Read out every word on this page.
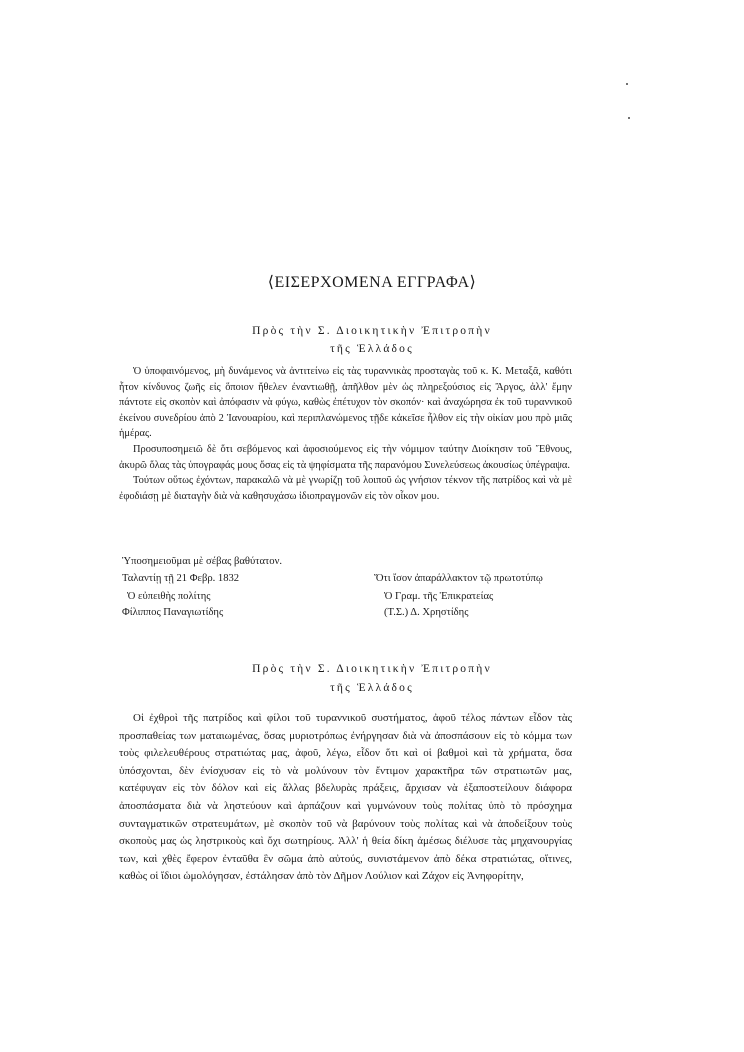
⟨ΕΙΣΕΡΧΟΜΕΝΑ ΕΓΓΡΑΦΑ⟩
Πρὸς τὴν Σ. Διοικητικὴν Ἐπιτροπὴν
τῆς Ἑλλάδος

Ὁ ὑποφαινόμενος, μὴ δυνάμενος νὰ ἀντιτείνω εἰς τὰς τυραννικὰς προσταγὰς τοῦ κ. Κ. Μεταξᾶ, καθότι ἦτον κίνδυνος ζωῆς εἰς ὅποιον ἤθελεν ἐναντιωθῇ, ἀπῆλθον μὲν ὡς πληρεξούσιος εἰς Ἄργος, ἀλλ' ἔμην πάντοτε εἰς σκοπὸν καὶ ἀπόφασιν νὰ φύγω, καθὼς ἐπέτυχον τὸν σκοπόν· καὶ ἀναχώρησα ἐκ τοῦ τυραννικοῦ ἐκείνου συνεδρίου ἀπὸ 2 Ἰανουαρίου, καὶ περιπλανώμενος τῇδε κἀκεῖσε ἦλθον εἰς τὴν οἰκίαν μου πρὸ μιᾶς ἡμέρας.

Προσυποσημειῶ δὲ ὅτι σεβόμενος καὶ ἀφοσιούμενος εἰς τὴν νόμιμον ταύτην Διοίκησιν τοῦ Ἔθνους, ἀκυρῶ ὅλας τὰς ὑπογραφάς μους ὅσας εἰς τὰ ψηφίσματα τῆς παρανόμου Συνελεύσεως ἀκουσίως ὑπέγραψα.

Τούτων οὕτως ἐχόντων, παρακαλῶ νὰ μὲ γνωρίζῃ τοῦ λοιποῦ ὡς γνήσιον τέκνον τῆς πατρίδος καὶ νὰ μὲ ἐφοδιάσῃ μὲ διαταγὴν διὰ νὰ καθησυχάσω ἰδιοπραγμονῶν εἰς τὸν οἶκον μου.

Ὑποσημειοῦμαι μὲ σέβας βαθύτατον.
Ταλαντίῃ τῇ 21 Φεβρ. 1832
Ὁ εὐπειθὴς πολίτης
Φίλιππος Παναγιωτίδης
Ὅτι ἴσον ἀπαράλλακτον τῷ πρωτοτύπῳ
Ὁ Γραμ. τῆς Ἐπικρατείας
(Τ.Σ.) Δ. Χρηστίδης
Πρὸς τὴν Σ. Διοικητικὴν Ἐπιτροπὴν
τῆς Ἑλλάδος

Οἱ ἐχθροὶ τῆς πατρίδος καὶ φίλοι τοῦ τυραννικοῦ συστήματος, ἀφοῦ τέλος πάντων εἶδον τὰς προσπαθείας των ματαιωμένας, ὅσας μυριοτρόπως ἐνήργησαν διὰ νὰ ἀποσπάσουν εἰς τὸ κόμμα των τοὺς φιλελευθέρους στρατιώτας μας, ἀφοῦ, λέγω, εἶδον ὅτι καὶ οἱ βαθμοὶ καὶ τὰ χρήματα, ὅσα ὑπόσχονται, δὲν ἐνίσχυσαν εἰς τὸ νὰ μολύνουν τὸν ἔντιμον χαρακτῆρα τῶν στρατιωτῶν μας, κατέφυγαν εἰς τὸν δόλον καὶ εἰς ἄλλας βδελυρὰς πράξεις, ἄρχισαν νὰ ἐξαποστείλουν διάφορα ἀποσπάσματα διὰ νὰ ληστεύουν καὶ ἁρπάζουν καὶ γυμνώνουν τοὺς πολίτας ὑπὸ τὸ πρόσχημα συνταγματικῶν στρατευμάτων, μὲ σκοπὸν τοῦ νὰ βαρύνουν τοὺς πολίτας καὶ νὰ ἀποδείξουν τοὺς σκοποὺς μας ὡς ληστρικοὺς καὶ ὄχι σωτηρίους. Ἀλλ' ἡ θεία δίκη ἀμέσως διέλυσε τὰς μηχανουργίας των, καὶ χθὲς ἔφερον ἐνταῦθα ἓν σῶμα ἀπὸ αὐτούς, συνιστάμενον ἀπὸ δέκα στρατιώτας, οἵτινες, καθὼς οἱ ἴδιοι ὡμολόγησαν, ἐστάλησαν ἀπὸ τὸν Δῆμον Λούλιον καὶ Ζάχον εἰς Ἀνηφορίτην,
